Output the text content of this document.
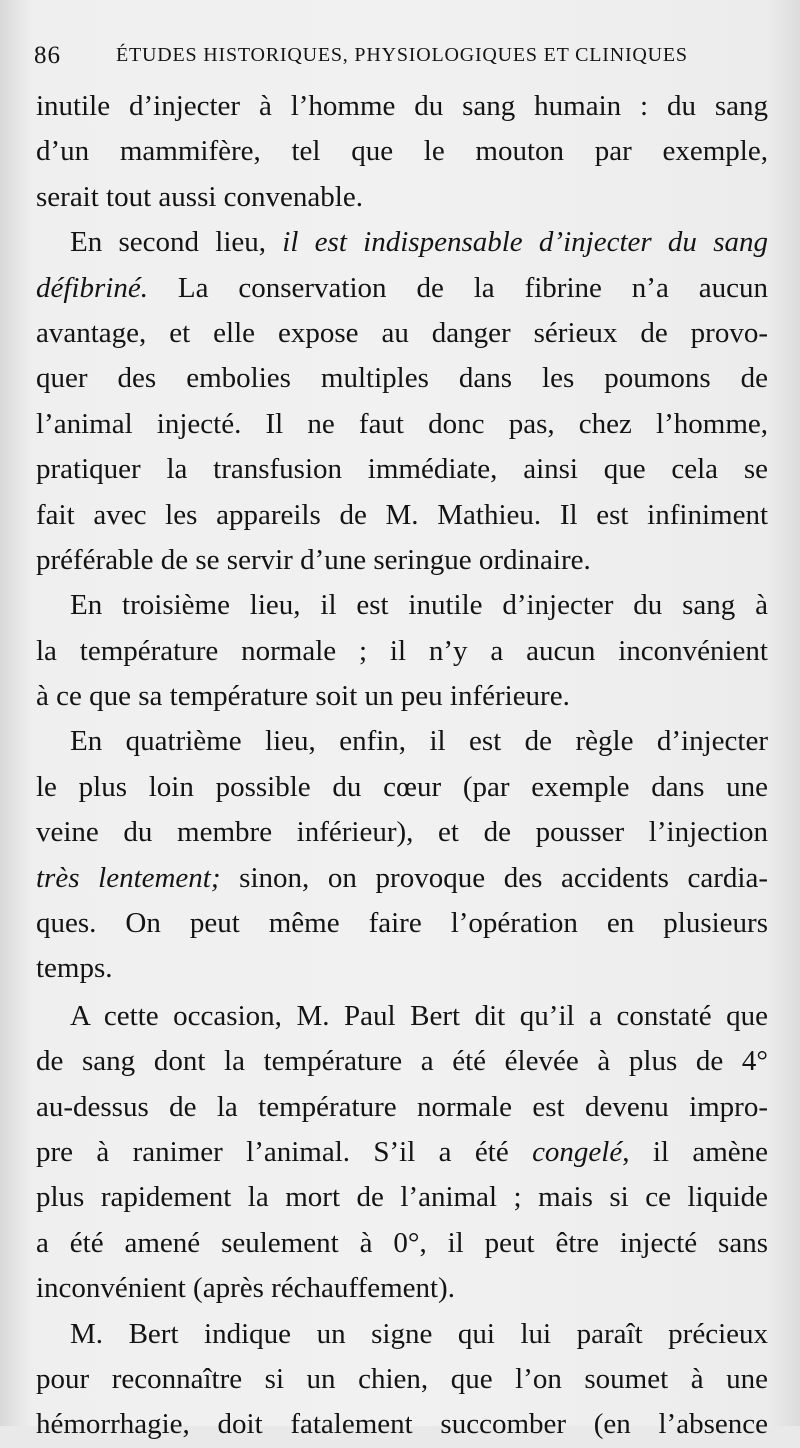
86	ÉTUDES HISTORIQUES, PHYSIOLOGIQUES ET CLINIQUES
inutile d’injecter à l’homme du sang humain : du sang
d’un mammifère, tel que le mouton par exemple,
serait tout aussi convenable.
En second lieu, il est indispensable d’injecter du sang
défibriné. La conservation de la fibrine n’a aucun
avantage, et elle expose au danger sérieux de provo-
quer des embolies multiples dans les poumons de
l’animal injecté. Il ne faut donc pas, chez l’homme,
pratiquer la transfusion immédiate, ainsi que cela se
fait avec les appareils de M. Mathieu. Il est infiniment
préférable de se servir d’une seringue ordinaire.
En troisième lieu, il est inutile d’injecter du sang à
la température normale ; il n’y a aucun inconvénient
à ce que sa température soit un peu inférieure.
En quatrième lieu, enfin, il est de règle d’injecter
le plus loin possible du cœur (par exemple dans une
veine du membre inférieur), et de pousser l’injection
très lentement; sinon, on provoque des accidents cardia-
ques. On peut même faire l’opération en plusieurs
temps.
A cette occasion, M. Paul Bert dit qu’il a constaté que
de sang dont la température a été élevée à plus de 4°
au-dessus de la température normale est devenu impro-
pre à ranimer l’animal. S’il a été congelé, il amène
plus rapidement la mort de l’animal ; mais si ce liquide
a été amené seulement à 0°, il peut être injecté sans
inconvénient (après réchauffement).
M. Bert indique un signe qui lui paraît précieux
pour reconnaître si un chien, que l’on soumet à une
hémorrhagie, doit fatalement succomber (en l’absence
